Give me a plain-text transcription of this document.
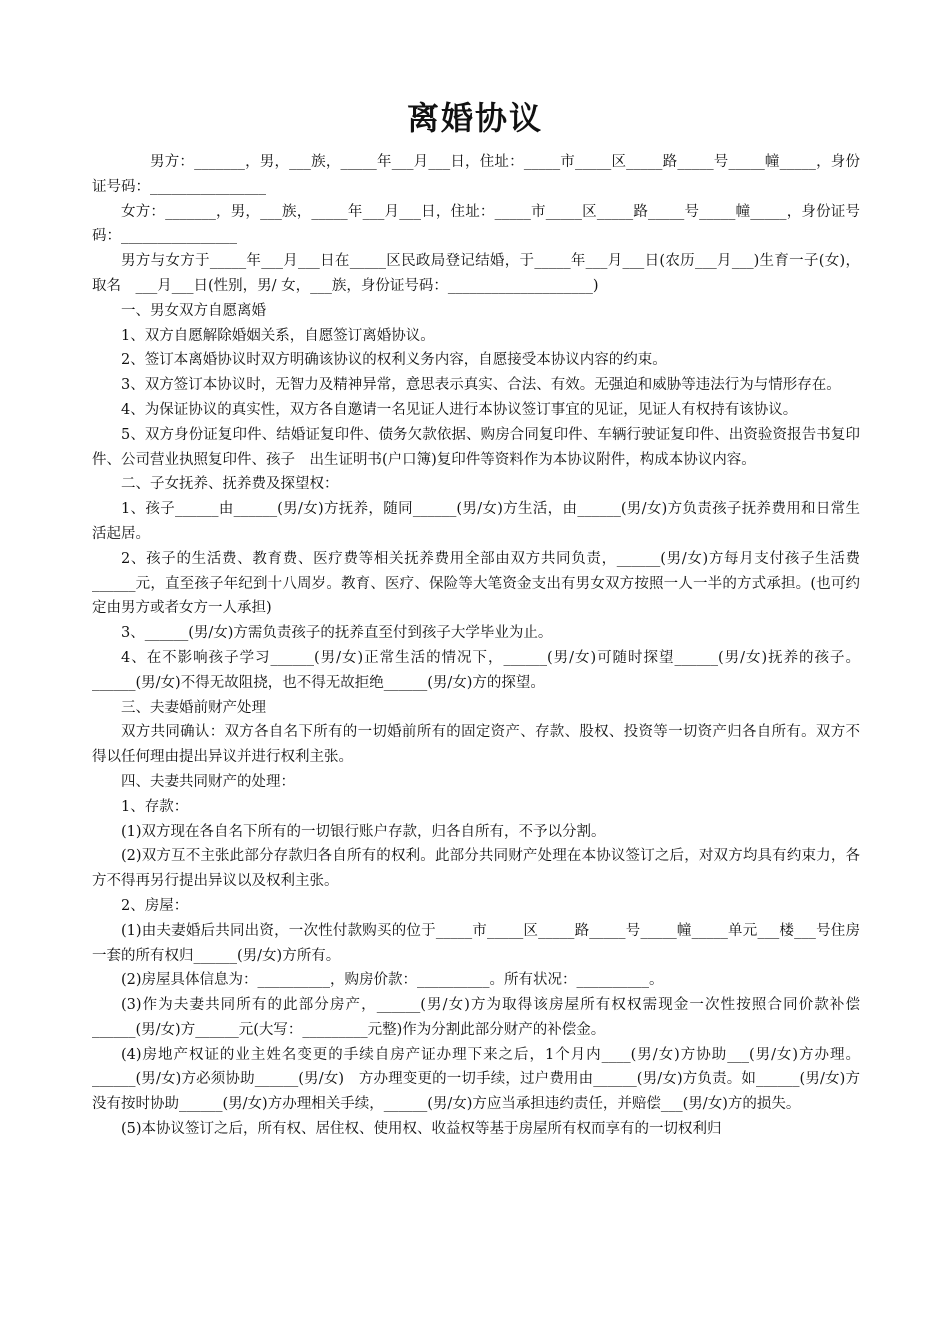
离婚协议

男方：_______，男，___族，_____年___月___日，住址：_____市_____区_____路_____号_____幢_____，身份证号码：________________

女方：_______，男，___族，_____年___月___日，住址：_____市_____区_____路_____号_____幢_____，身份证号码：________________

男方与女方于_____年___月___日在_____区民政局登记结婚，于_____年___月___日(农历___月___)生育一子(女)，取名　___月___日(性别，男/ 女，___族，身份证号码：____________________)

一、男女双方自愿离婚

1、双方自愿解除婚姻关系，自愿签订离婚协议。

2、签订本离婚协议时双方明确该协议的权利义务内容，自愿接受本协议内容的约束。

3、双方签订本协议时，无智力及精神异常，意思表示真实、合法、有效。无强迫和威胁等违法行为与情形存在。

4、为保证协议的真实性，双方各自邀请一名见证人进行本协议签订事宜的见证，见证人有权持有该协议。

5、双方身份证复印件、结婚证复印件、债务欠款依据、购房合同复印件、车辆行驶证复印件、出资验资报告书复印件、公司营业执照复印件、孩子　出生证明书(户口簿)复印件等资料作为本协议附件，构成本协议内容。

二、子女抚养、抚养费及探望权：

1、孩子______由______(男/女)方抚养，随同______(男/女)方生活，由______(男/女)方负责孩子抚养费用和日常生活起居。

2、孩子的生活费、教育费、医疗费等相关抚养费用全部由双方共同负责，______(男/女)方每月支付孩子生活费______元，直至孩子年纪到十八周岁。教育、医疗、保险等大笔资金支出有男女双方按照一人一半的方式承担。(也可约定由男方或者女方一人承担)

3、______(男/女)方需负责孩子的抚养直至付到孩子大学毕业为止。

4、在不影响孩子学习______(男/女)正常生活的情况下，______(男/女)可随时探望______(男/女)抚养的孩子。______(男/女)不得无故阻挠，也不得无故拒绝______(男/女)方的探望。

三、夫妻婚前财产处理

双方共同确认：双方各自名下所有的一切婚前所有的固定资产、存款、股权、投资等一切资产归各自所有。双方不得以任何理由提出异议并进行权利主张。

四、夫妻共同财产的处理：

1、存款：

(1)双方现在各自名下所有的一切银行账户存款，归各自所有，不予以分割。

(2)双方互不主张此部分存款归各自所有的权利。此部分共同财产处理在本协议签订之后，对双方均具有约束力，各方不得再另行提出异议以及权利主张。

2、房屋：

(1)由夫妻婚后共同出资，一次性付款购买的位于_____市_____区_____路_____号_____幢_____单元___楼___号住房一套的所有权归______(男/女)方所有。

(2)房屋具体信息为：__________，购房价款：__________。所有状况：__________。

(3)作为夫妻共同所有的此部分房产，______(男/女)方为取得该房屋所有权权需现金一次性按照合同价款补偿______(男/女)方______元(大写：_________元整)作为分割此部分财产的补偿金。

(4)房地产权证的业主姓名变更的手续自房产证办理下来之后，1个月内____(男/女)方协助___(男/女)方办理。______(男/女)方必须协助______(男/女)　方办理变更的一切手续，过户费用由______(男/女)方负责。如______(男/女)方没有按时协助______(男/女)方办理相关手续，______(男/女)方应当承担违约责任，并赔偿___(男/女)方的损失。

(5)本协议签订之后，所有权、居住权、使用权、收益权等基于房屋所有权而享有的一切权利归
